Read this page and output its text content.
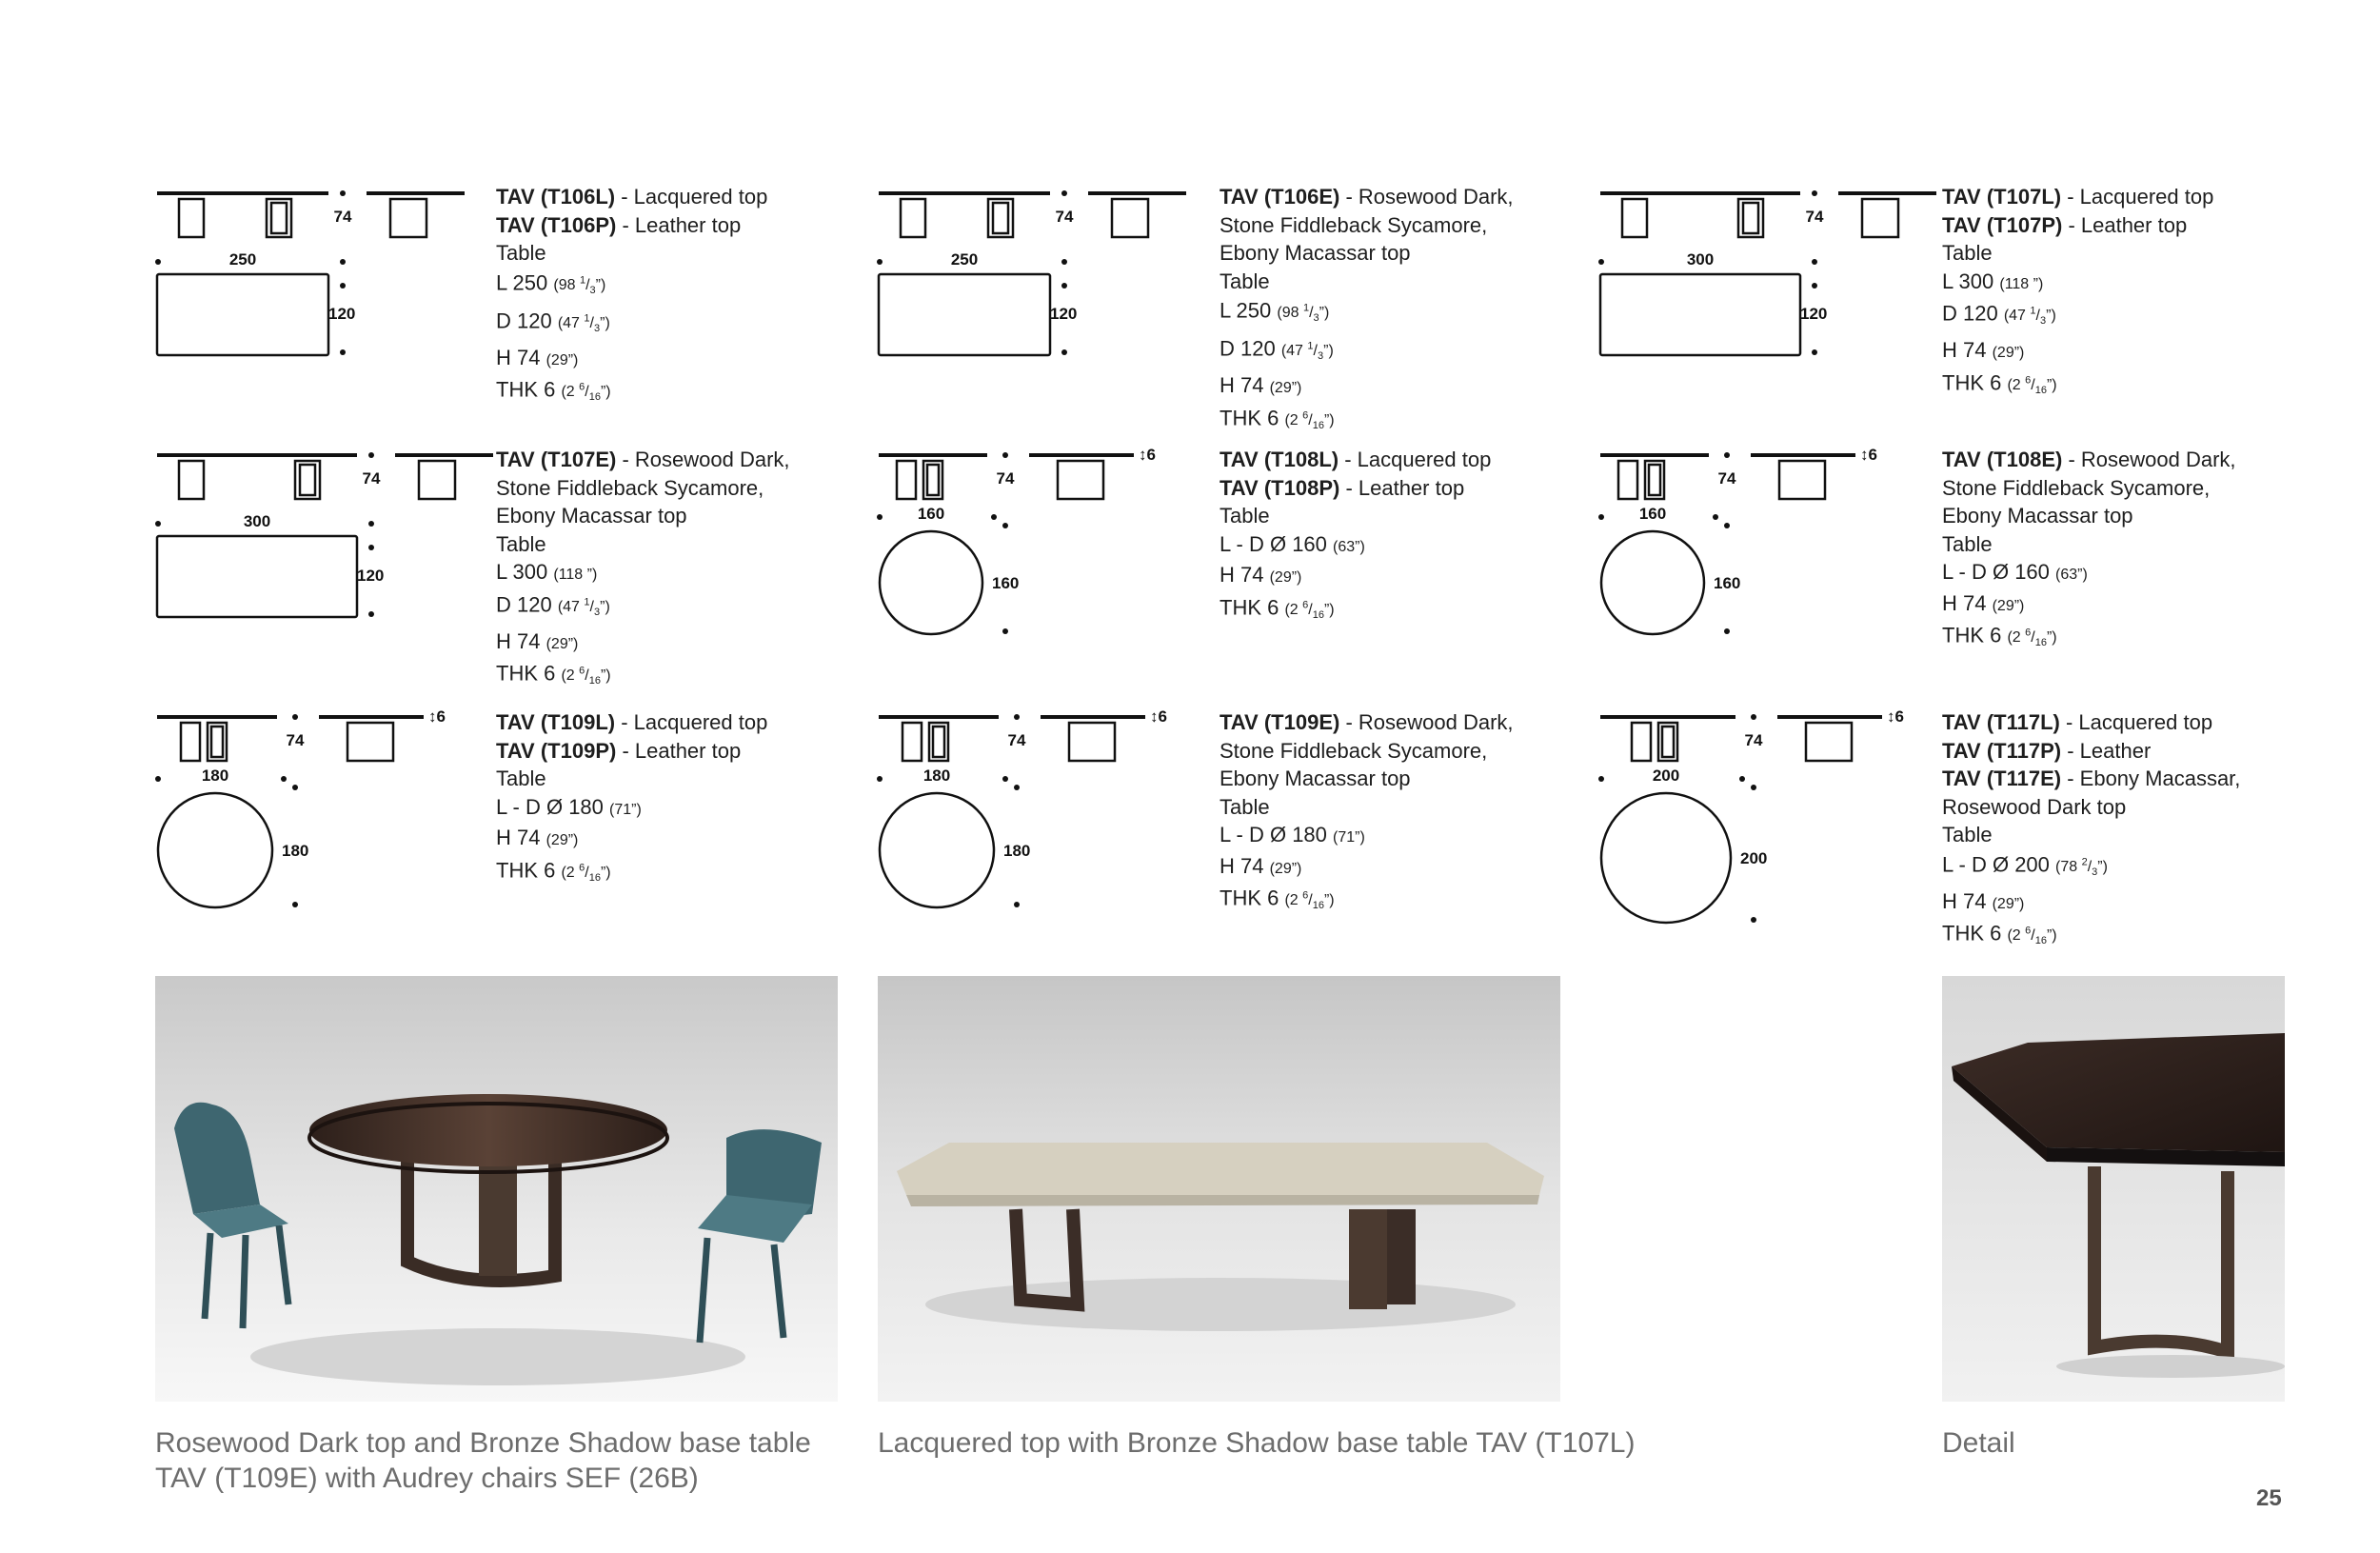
74
250
120
TAV (T106L) - Lacquered top
TAV (T106P) - Leather top
Table
L 250 (98 $^1/_3$”)
D 120 (47 $^1/_3$”)
H 74 (29”)
THK 6 (2 $^6/_{16}$”)
74
250
120
TAV (T106E) - Rosewood Dark,
Stone Fiddleback Sycamore,
Ebony Macassar top
Table
L 250 (98 $^1/_3$”)
D 120 (47 $^1/_3$”)
H 74 (29”)
THK 6 (2 $^6/_{16}$”)
74
300
120
TAV (T107L) - Lacquered top
TAV (T107P) - Leather top
Table
L 300 (118 ”)
D 120 (47 $^1/_3$”)
H 74 (29”)
THK 6 (2 $^6/_{16}$”)
74
300
120
TAV (T107E) - Rosewood Dark,
Stone Fiddleback Sycamore,
Ebony Macassar top
Table
L 300 (118 ”)
D 120 (47 $^1/_3$”)
H 74 (29”)
THK 6 (2 $^6/_{16}$”)
74
↕6
160
160
TAV (T108L) - Lacquered top
TAV (T108P) - Leather top
Table
L - D Ø 160 (63”)
H 74 (29”)
THK 6 (2 $^6/_{16}$”)
74
↕6
160
160
TAV (T108E) - Rosewood Dark,
Stone Fiddleback Sycamore,
Ebony Macassar top
Table
L - D Ø 160 (63”)
H 74 (29”)
THK 6 (2 $^6/_{16}$”)
74
↕6
180
180
TAV (T109L) - Lacquered top
TAV (T109P) - Leather top
Table
L - D Ø 180 (71”)
H 74 (29”)
THK 6 (2 $^6/_{16}$”)
74
↕6
180
180
TAV (T109E) - Rosewood Dark,
Stone Fiddleback Sycamore,
Ebony Macassar top
Table
L - D Ø 180 (71”)
H 74 (29”)
THK 6 (2 $^6/_{16}$”)
74
↕6
200
200
TAV (T117L) - Lacquered top
TAV (T117P) - Leather
TAV (T117E) - Ebony Macassar,
Rosewood Dark top
Table
L - D Ø 200 (78 $^2/_3$”)
H 74 (29”)
THK 6 (2 $^6/_{16}$”)
Rosewood Dark top and Bronze Shadow base table TAV (T109E) with Audrey chairs SEF (26B)
Lacquered top with Bronze Shadow base table TAV (T107L)	Detail
25
